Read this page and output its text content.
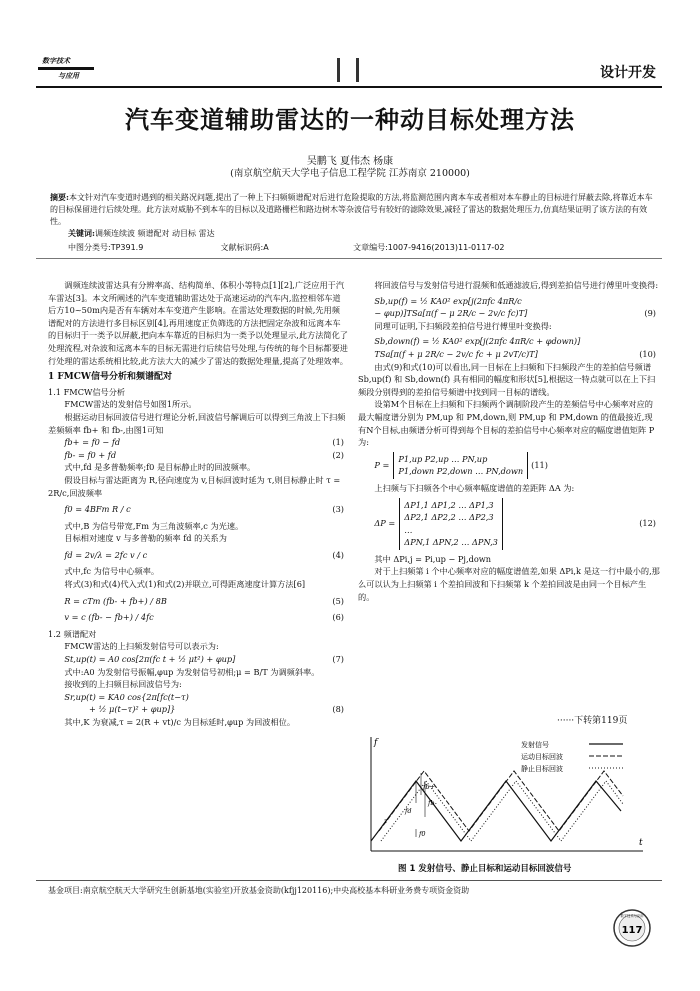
数字技术
与应用	设计开发
汽车变道辅助雷达的一种动目标处理方法
吴鹏飞 夏伟杰 杨康
(南京航空航天大学电子信息工程学院 江苏南京 210000)
摘要:本文针对汽车变道时遇到的相关路况问题,提出了一种上下扫频频谱配对后进行危险提取的方法,将监测范围内离本车或者相对本车静止的目标进行屏蔽去除,将靠近本车的目标保留进行后续处理。此方法对威胁不到本车的目标以及道路栅栏和路边树木等杂波信号有较好的滤除效果,减轻了雷达的数据处理压力,仿真结果证明了该方法的有效性。
关键词:调频连续波 频谱配对 动目标 雷达
中图分类号:TP391.9	文献标识码:A	文章编号:1007-9416(2013)11-0117-02

调频连续波雷达具有分辨率高、结构简单、体积小等特点[1][2],广泛应用于汽车雷达[3]。本文所阐述的汽车变道辅助雷达处于高速运动的汽车内,监控相邻车道后方10~50m内是否有车辆对本车变道产生影响。在雷达处理数据的时候,先用频谱配对的方法进行多目标区别[4],再用速度正负筛选的方法把固定杂波和远离本车的目标归于一类予以屏蔽,把向本车靠近的目标归为一类予以处理显示,此方法简化了处理流程,对杂波和远离本车的目标无需进行后续信号处理,与传统的每个目标都要进行处理的雷达系统相比较,此方法大大的减少了雷达的数据处理量,提高了处理效率。

1 FMCW信号分析和频谱配对

1.1 FMCW信号分析

FMCW雷达的发射信号如图1所示。

根据运动目标回波信号进行理论分析,回波信号解调后可以得到三角波上下扫频差频频率 fb+ 和 fb-,由图1可知

fb+ = f0 − fd	(1)
fb- = f0 + fd	(2)

式中,fd 是多普勒频率;f0 是目标静止时的回波频率。

假设目标与雷达距离为 R,径向速度为 v,目标回波时延为 τ,则目标静止时 τ = 2R/c,回波频率

f0 = 4BFm R / c	(3)

式中,B 为信号带宽,Fm 为三角波频率,c 为光速。

目标相对速度 v 与多普勒的频率 fd 的关系为

fd = 2v/λ = 2fc v / c	(4)

式中,fc 为信号中心频率。

将式(3)和式(4)代入式(1)和式(2)并联立,可得距离速度计算方法[6]

R = cTm (fb- + fb+) / 8B	(5)
v = c (fb- − fb+) / 4fc	(6)

1.2 频谱配对

FMCW雷达的上扫频发射信号可以表示为:

St,up(t) = A0 cos[2π(fc t + ½ μt²) + φup]	(7)

式中:A0 为发射信号振幅,φup 为发射信号初相;μ = B/T 为调频斜率。

接收到的上扫频目标回波信号为:

Sr,up(t) = KA0 cos{2π[fc(t−τ)
+ ½ μ(t−τ)² + φup]}	(8)

其中,K 为衰减,τ = 2(R + vt)/c 为目标延时,φup 为回波相位。

将回波信号与发射信号进行混频和低通滤波后,得到差拍信号进行傅里叶变换得:

Sb,up(f) = ½ KA0² exp[j(2πfc 4πR/c
− φup)]TSa[π(f − μ 2R/c − 2v/c fc)T]	(9)

同理可证明,下扫频段差拍信号进行傅里叶变换得:

Sb,down(f) = ½ KA0² exp[j(2πfc 4πR/c + φdown)]
TSa[π(f + μ 2R/c − 2v/c fc + μ 2vT/c)T]	(10)

由式(9)和式(10)可以看出,同一目标在上扫频和下扫频段产生的差拍信号频谱 Sb,up(f) 和 Sb,down(f) 具有相同的幅度和形状[5],根据这一特点就可以在上下扫频段分别得到的差拍信号频谱中找到同一目标的谱线。

设第M个目标在上扫频和下扫频两个调制阶段产生的差频信号中心频率对应的最大幅度谱分别为 PM,up 和 PM,down,则 PM,up 和 PM,down 的值最接近,现有N个目标,由频谱分析可得到每个目标的差拍信号中心频率对应的幅度谱值矩阵 P 为:

P =
P1,up P2,up … PN,up
P1,down P2,down … PN,down
(11)

上扫频与下扫频各个中心频率幅度谱值的差距阵 ΔA 为:

ΔP =
ΔP1,1 ΔP1,2 … ΔP1,3
ΔP2,1 ΔP2,2 … ΔP2,3
…
ΔPN,1 ΔPN,2 … ΔPN,3
(12)

其中 ΔPi,j = Pi,up − Pj,down

对于上扫频第 i 个中心频率对应的幅度谱值差,如果 ΔPi,k 是这一行中最小的,那么可以认为上扫频第 i 个差拍回波和下扫频第 k 个差拍回波是由同一个目标产生的。

······下转第119页
f
t
fd
fb+
fb-
τ
f0
发射信号
运动目标回波
静止目标回波
图 1 发射信号、静止目标和运动目标回波信号
基金项目:南京航空航天大学研究生创新基地(实验室)开放基金资助(kfjj120116);中央高校基本科研业务费专项资金资助
数字技术与应用
117
